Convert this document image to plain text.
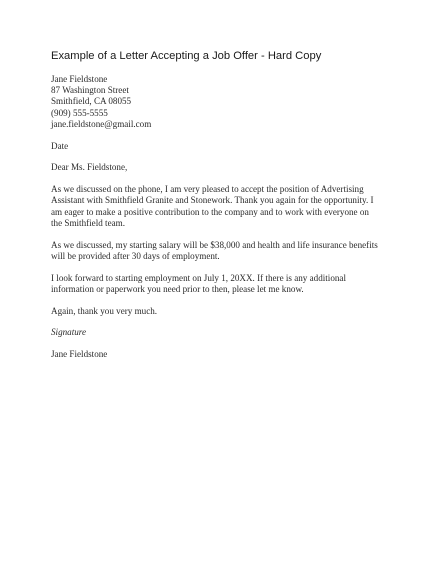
Example of a Letter Accepting a Job Offer - Hard Copy
Jane Fieldstone
87 Washington Street
Smithfield, CA 08055
(909) 555-5555
jane.fieldstone@gmail.com
Date
Dear Ms. Fieldstone,
As we discussed on the phone, I am very pleased to accept the position of Advertising
Assistant with Smithfield Granite and Stonework. Thank you again for the opportunity. I
am eager to make a positive contribution to the company and to work with everyone on
the Smithfield team.
As we discussed, my starting salary will be $38,000 and health and life insurance benefits
will be provided after 30 days of employment.
I look forward to starting employment on July 1, 20XX. If there is any additional
information or paperwork you need prior to then, please let me know.
Again, thank you very much.
Signature
Jane Fieldstone
